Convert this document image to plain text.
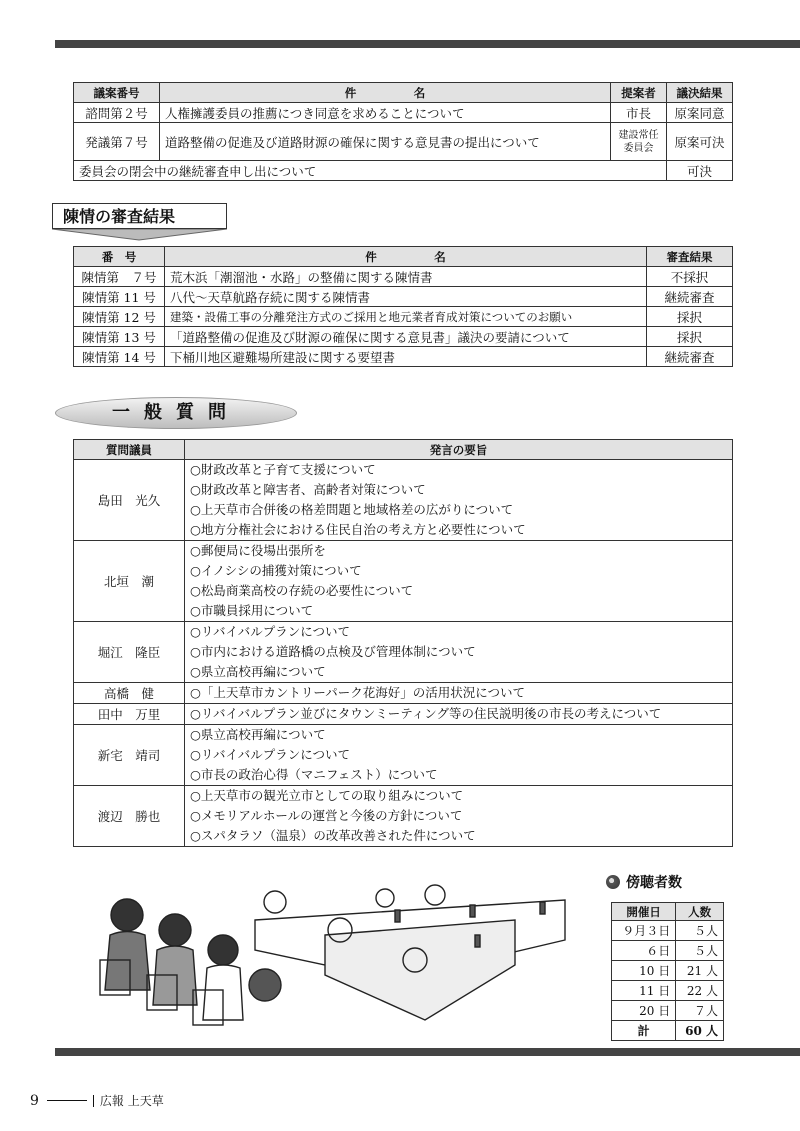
議案番号	件　　　　　名	提案者	議決結果
諮問第２号	人権擁護委員の推薦につき同意を求めることについて	市長	原案同意
発議第７号	道路整備の促進及び道路財源の確保に関する意見書の提出について	建設常任委員会	原案可決
委員会の閉会中の継続審査申し出について			可決
陳情の審査結果
番　号	件　　　　　名	審査結果
陳情第　７号	荒木浜「潮溜池・水路」の整備に関する陳情書	不採択
陳情第 11 号	八代～天草航路存続に関する陳情書	継続審査
陳情第 12 号	建築・設備工事の分離発注方式のご採用と地元業者育成対策についてのお願い	採択
陳情第 13 号	「道路整備の促進及び財源の確保に関する意見書」議決の要請について	採択
陳情第 14 号	下桶川地区避難場所建設に関する要望書	継続審査
一般質問
質問議員	発言の要旨
島田　光久	○財政改革と子育て支援について
○財政改革と障害者、高齢者対策について
○上天草市合併後の格差問題と地域格差の広がりについて
○地方分権社会における住民自治の考え方と必要性について

北垣　潮	○郵便局に役場出張所を
○イノシシの捕獲対策について
○松島商業高校の存続の必要性について
○市職員採用について

堀江　隆臣	○リバイバルプランについて
○市内における道路橋の点検及び管理体制について
○県立高校再編について

高橋　健	○「上天草市カントリーパーク花海好」の活用状況について

田中　万里	○リバイバルプラン並びにタウンミーティング等の住民説明後の市長の考えについて

新宅　靖司	○県立高校再編について
○リバイバルプランについて
○市長の政治心得（マニフェスト）について

渡辺　勝也	○上天草市の観光立市としての取り組みについて
○メモリアルホールの運営と今後の方針について
○スパタラソ（温泉）の改革改善された件について
傍聴者数
開催日	人数
９月３日	５人
６日	５人
10 日	21 人
11 日	22 人
20 日	７人
計	60 人
9	広報 上天草
